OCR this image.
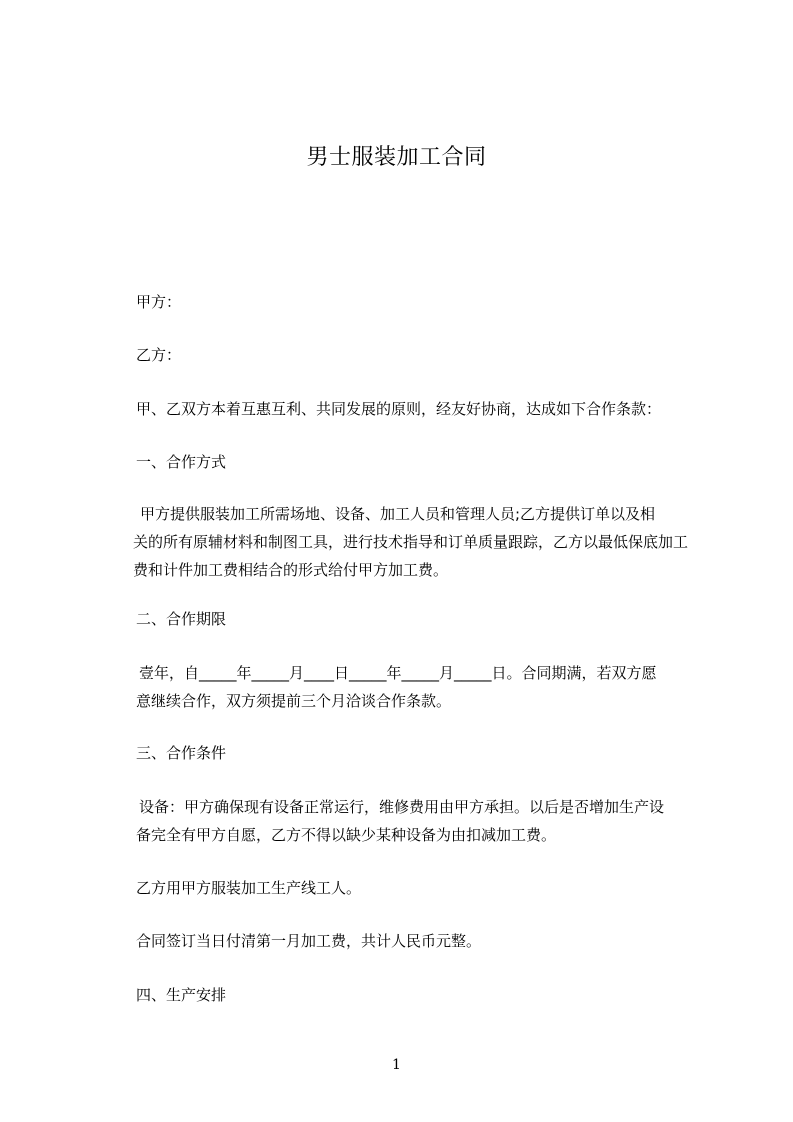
男士服装加工合同
甲方：
乙方：
甲、乙双方本着互惠互利、共同发展的原则，经友好协商，达成如下合作条款：
一、合作方式

甲方提供服装加工所需场地、设备、加工人员和管理人员;乙方提供订单以及相

关的所有原辅材料和制图工具，进行技术指导和订单质量跟踪，乙方以最低保底加工

费和计件加工费相结合的形式给付甲方加工费。

二、合作期限

壹年，自_____年_____月____日_____年_____月_____日。合同期满，若双方愿

意继续合作，双方须提前三个月洽谈合作条款。

三、合作条件

设备：甲方确保现有设备正常运行，维修费用由甲方承担。以后是否增加生产设

备完全有甲方自愿，乙方不得以缺少某种设备为由扣减加工费。

乙方用甲方服装加工生产线工人。
合同签订当日付清第一月加工费，共计人民币元整。
四、生产安排
1
